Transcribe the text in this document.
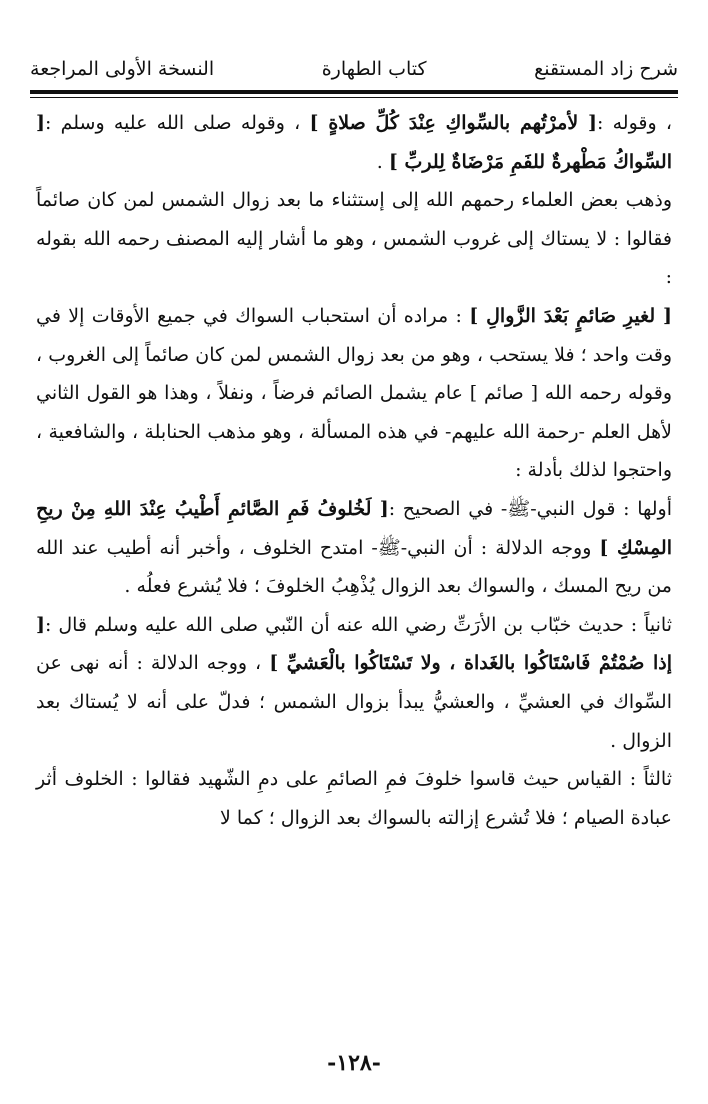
شرح زاد المستقنع
كتاب الطهارة
النسخة الأولى المراجعة

، وقوله :[ لأمرْتُهم بالسِّواكِ عِنْدَ كُلِّ صلاةٍ ] ، وقوله صلى الله عليه وسلم :[ السِّواكُ مَطْهرةٌ للفَمِ مَرْضَاةٌ لِلربِّ ] .

وذهب بعض العلماء رحمهم الله إلى إستثناء ما بعد زوال الشمس لمن كان صائماً فقالوا : لا يستاك إلى غروب الشمس ، وهو ما أشار إليه المصنف رحمه الله بقوله :

[ لغيرِ صَائمٍ بَعْدَ الزَّوالِ ] : مراده أن استحباب السواك في جميع الأوقات إلا في وقت واحد ؛ فلا يستحب ، وهو من بعد زوال الشمس لمن كان صائماً إلى الغروب ، وقوله رحمه الله [ صائم ] عام يشمل الصائم فرضاً ، ونفلاً ، وهذا هو القول الثاني لأهل العلم -رحمة الله عليهم- في هذه المسألة ، وهو مذهب الحنابلة ، والشافعية ، واحتجوا لذلك بأدلة :

أولها : قول النبي-ﷺ- في الصحيح :[ لَخُلوفُ فَمِ الصَّائمِ أَطْيبُ عِنْدَ اللهِ مِنْ ريحِ المِسْكِ ] ووجه الدلالة : أن النبي-ﷺ- امتدح الخلوف ، وأخبر أنه أطيب عند الله من ريح المسك ، والسواك بعد الزوال يُذْهِبُ الخلوفَ ؛ فلا يُشرع فعلُه .

ثانياً : حديث خبّاب بن الأرَتِّ رضي الله عنه أن النّبي صلى الله عليه وسلم قال :[ إذا صُمْتُمْ فَاسْتَاكُوا بالغَداة ، ولا تَسْتَاكُوا بالْعَشيِّ ] ، ووجه الدلالة : أنه نهى عن السِّواك في العشيِّ ، والعشيُّ يبدأ بزوال الشمس ؛ فدلّ على أنه لا يُستاك بعد الزوال .

ثالثاً : القياس حيث قاسوا خلوفَ فمِ الصائمِ على دمِ الشّهيد فقالوا : الخلوف أثر عبادة الصيام ؛ فلا تُشرع إزالته بالسواك بعد الزوال ؛ كما لا

-١٢٨-
